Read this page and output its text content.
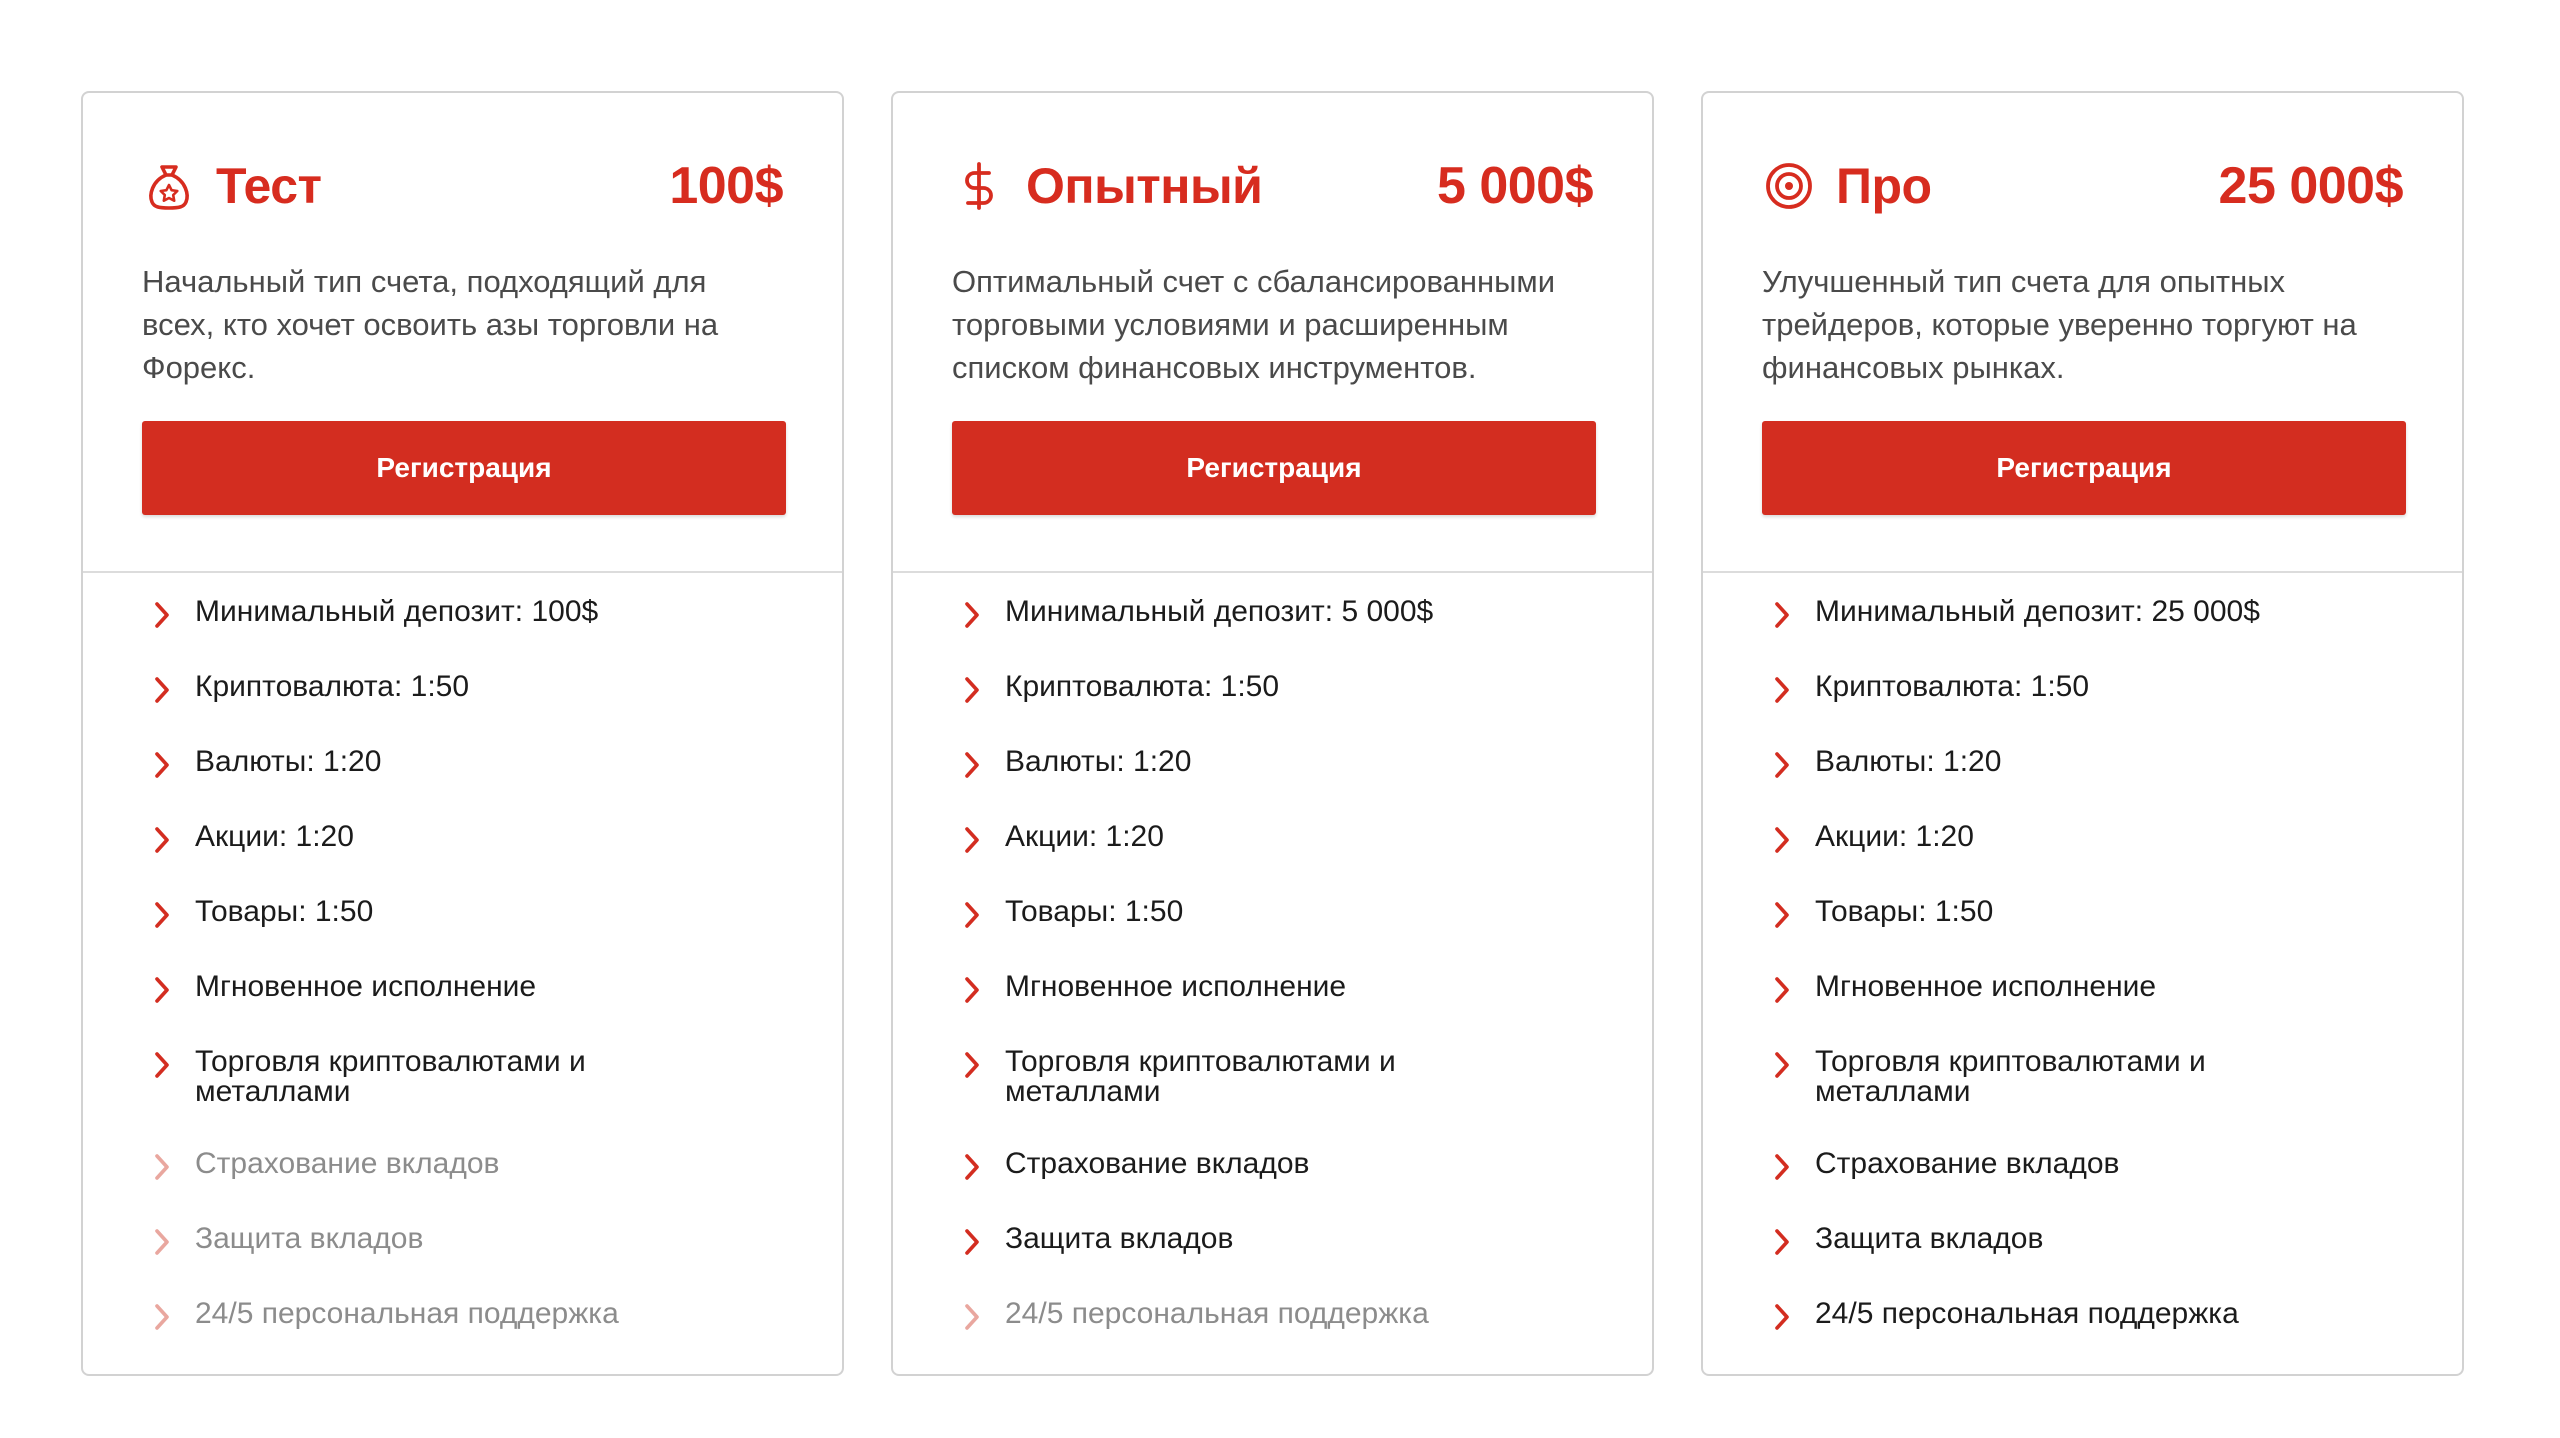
Тест	100$
Начальный тип счета, подходящий для всех, кто хочет освоить азы торговли на Форекс.
Регистрация
Минимальный депозит: 100$
Криптовалюта: 1:50
Валюты: 1:20
Акции: 1:20
Товары: 1:50
Мгновенное исполнение
Торговля криптовалютами и металлами
Страхование вкладов
Защита вкладов
24/5 персональная поддержка
Опытный	5 000$
Оптимальный счет с сбалансированными торговыми условиями и расширенным списком финансовых инструментов.
Регистрация
Минимальный депозит: 5 000$
Криптовалюта: 1:50
Валюты: 1:20
Акции: 1:20
Товары: 1:50
Мгновенное исполнение
Торговля криптовалютами и металлами
Страхование вкладов
Защита вкладов
24/5 персональная поддержка
Про	25 000$
Улучшенный тип счета для опытных трейдеров, которые уверенно торгуют на финансовых рынках.
Регистрация
Минимальный депозит: 25 000$
Криптовалюта: 1:50
Валюты: 1:20
Акции: 1:20
Товары: 1:50
Мгновенное исполнение
Торговля криптовалютами и металлами
Страхование вкладов
Защита вкладов
24/5 персональная поддержка
